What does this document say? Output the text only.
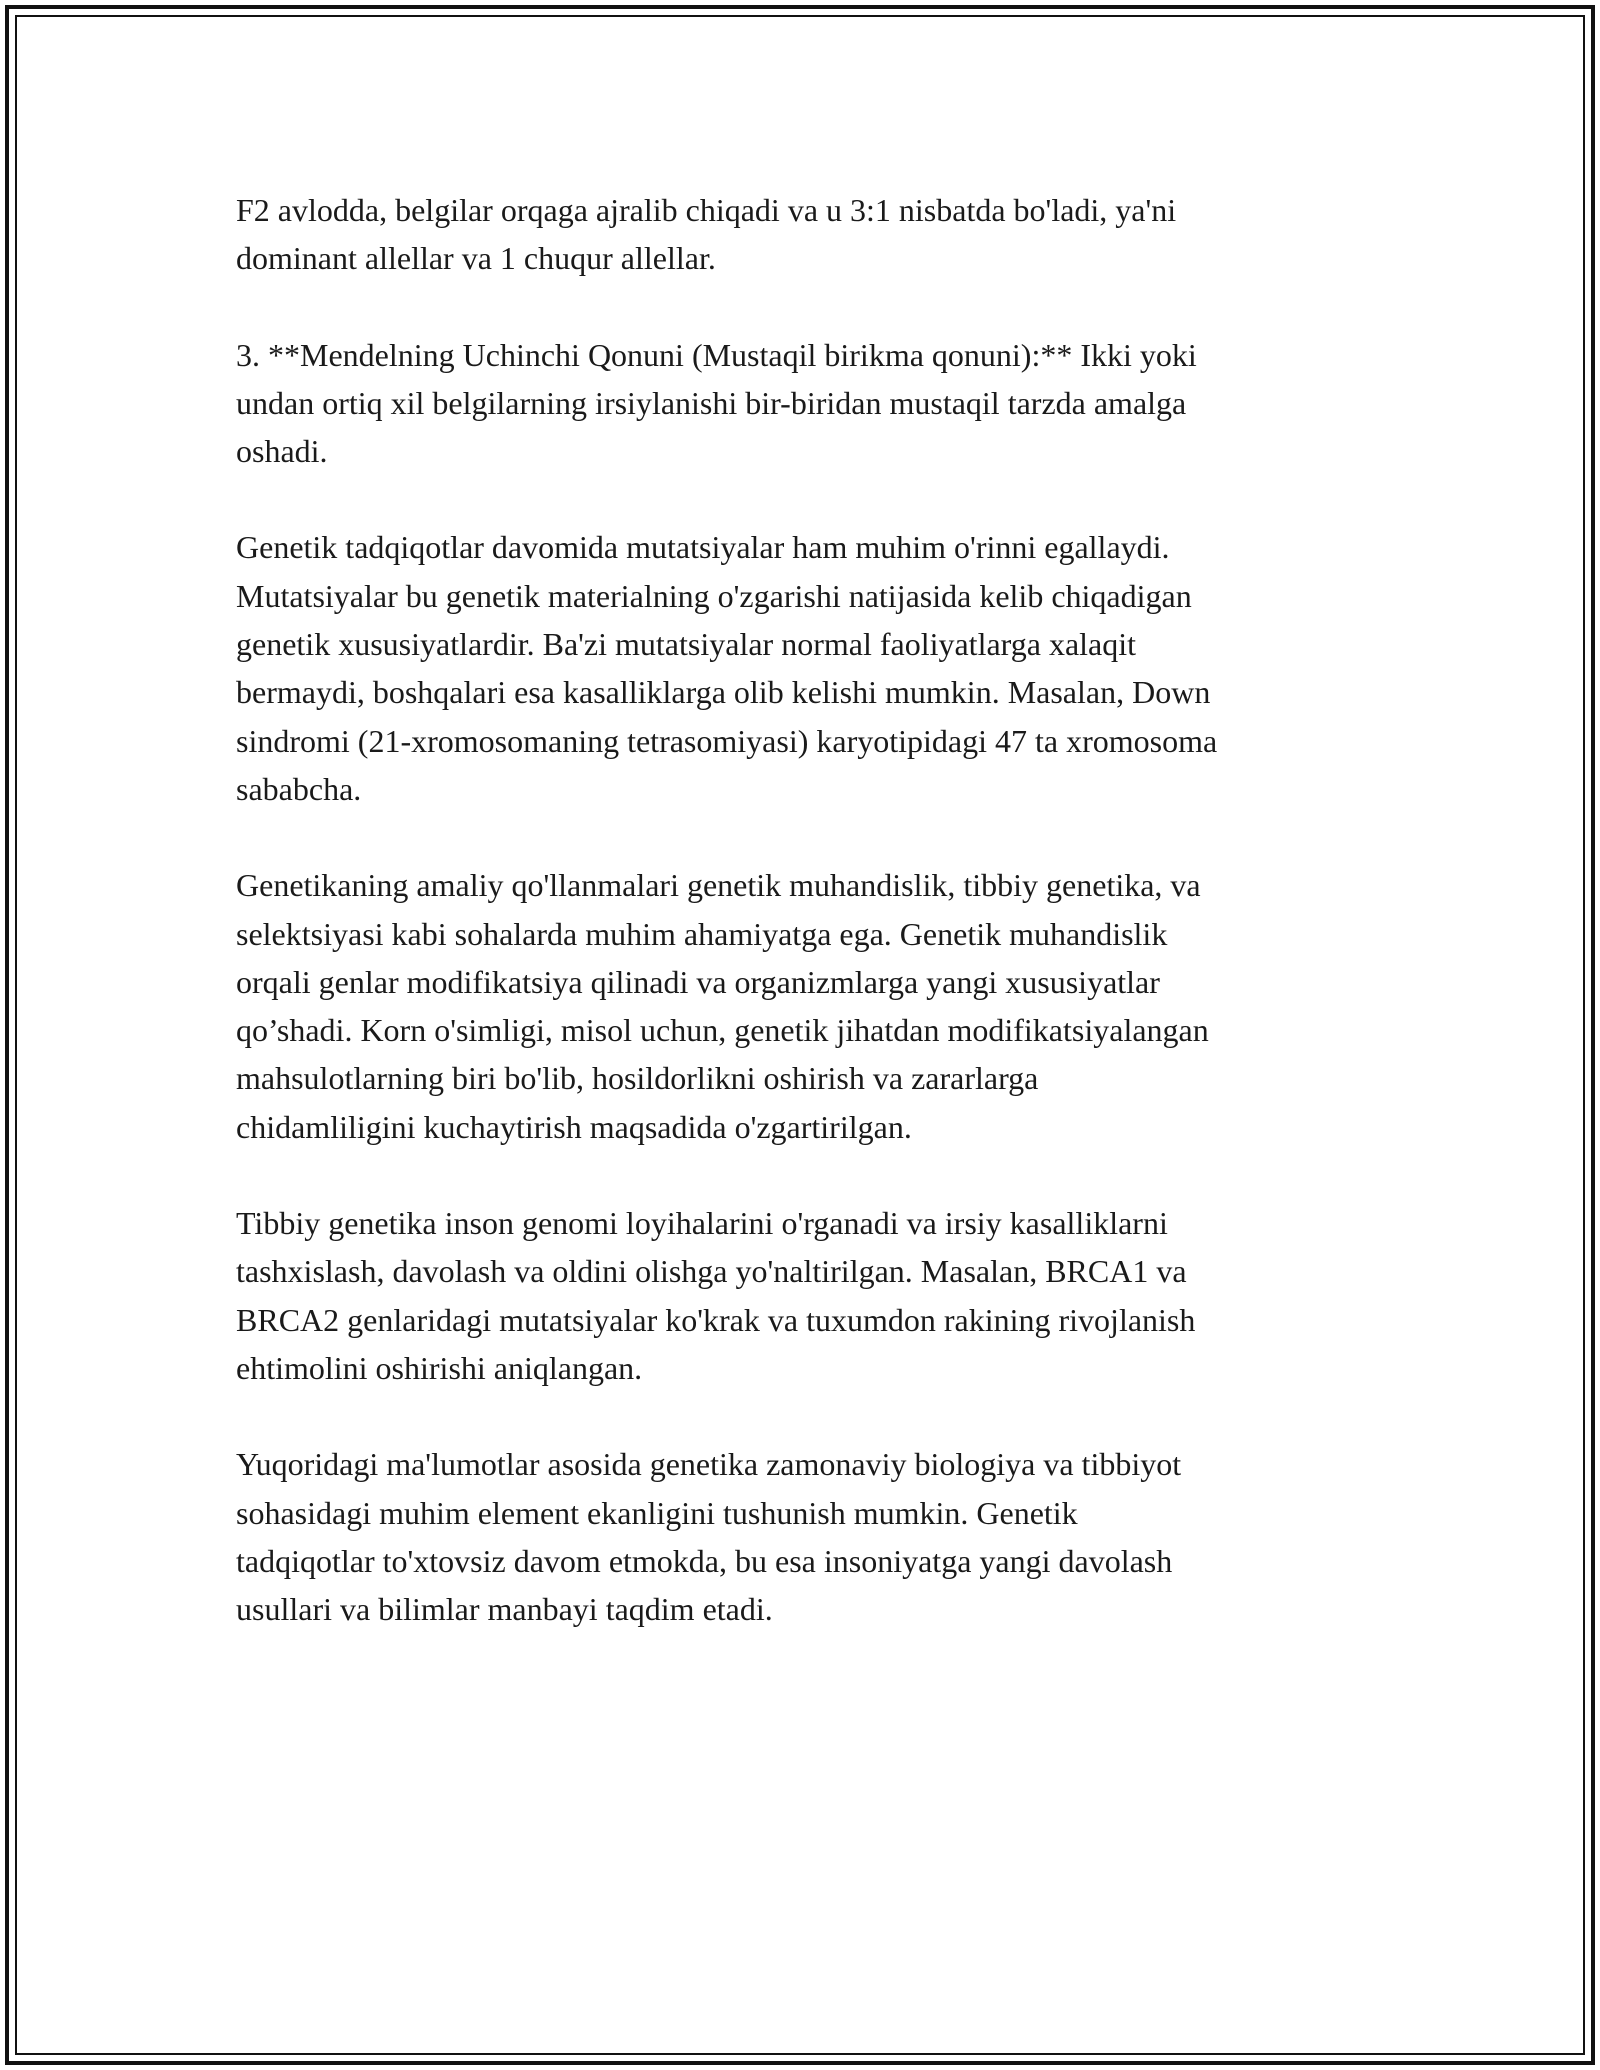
F2 avlodda, belgilar orqaga ajralib chiqadi va u 3:1 nisbatda bo'ladi, ya'ni
dominant allellar va 1 chuqur allellar.

3. **Mendelning Uchinchi Qonuni (Mustaqil birikma qonuni):** Ikki yoki
undan ortiq xil belgilarning irsiylanishi bir-biridan mustaqil tarzda amalga
oshadi.

Genetik tadqiqotlar davomida mutatsiyalar ham muhim o'rinni egallaydi.
Mutatsiyalar bu genetik materialning o'zgarishi natijasida kelib chiqadigan
genetik xususiyatlardir. Ba'zi mutatsiyalar normal faoliyatlarga xalaqit
bermaydi, boshqalari esa kasalliklarga olib kelishi mumkin. Masalan, Down
sindromi (21-xromosomaning tetrasomiyasi) karyotipidagi 47 ta xromosoma
sababcha.

Genetikaning amaliy qo'llanmalari genetik muhandislik, tibbiy genetika, va
selektsiyasi kabi sohalarda muhim ahamiyatga ega. Genetik muhandislik
orqali genlar modifikatsiya qilinadi va organizmlarga yangi xususiyatlar
qo’shadi. Korn o'simligi, misol uchun, genetik jihatdan modifikatsiyalangan
mahsulotlarning biri bo'lib, hosildorlikni oshirish va zararlarga
chidamliligini kuchaytirish maqsadida o'zgartirilgan.

Tibbiy genetika inson genomi loyihalarini o'rganadi va irsiy kasalliklarni
tashxislash, davolash va oldini olishga yo'naltirilgan. Masalan, BRCA1 va
BRCA2 genlaridagi mutatsiyalar ko'krak va tuxumdon rakining rivojlanish
ehtimolini oshirishi aniqlangan.

Yuqoridagi ma'lumotlar asosida genetika zamonaviy biologiya va tibbiyot
sohasidagi muhim element ekanligini tushunish mumkin. Genetik
tadqiqotlar to'xtovsiz davom etmokda, bu esa insoniyatga yangi davolash
usullari va bilimlar manbayi taqdim etadi.
